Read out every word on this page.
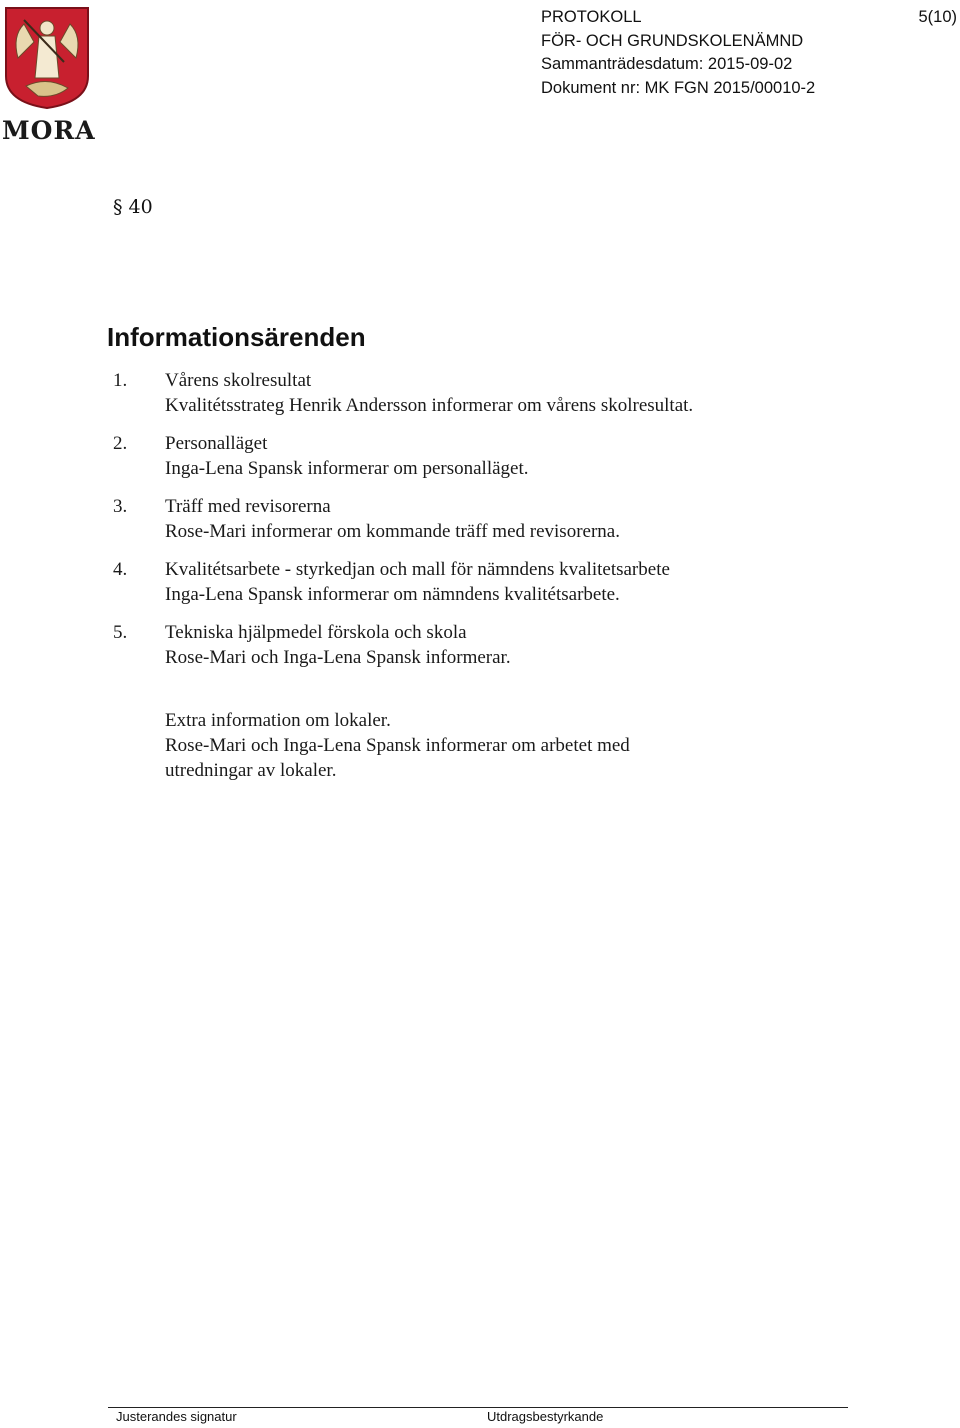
MORA
PROTOKOLL
FÖR- OCH GRUNDSKOLENÄMND
Sammanträdesdatum: 2015-09-02
Dokument nr: MK FGN 2015/00010-2
5(10)
§ 40
Informationsärenden
1.	Vårens skolresultat
Kvalitétsstrateg Henrik Andersson informerar om vårens skolresultat.
2.	Personalläget
Inga-Lena Spansk informerar om personalläget.
3.	Träff med revisorerna
Rose-Mari informerar om kommande träff med revisorerna.
4.	Kvalitétsarbete - styrkedjan och mall för nämndens kvalitetsarbete
Inga-Lena Spansk informerar om nämndens kvalitétsarbete.
5.	Tekniska hjälpmedel förskola och skola
Rose-Mari och Inga-Lena Spansk informerar.
Extra information om lokaler.
Rose-Mari och Inga-Lena Spansk informerar om arbetet med
utredningar av lokaler.
Justerandes signatur	Utdragsbestyrkande
